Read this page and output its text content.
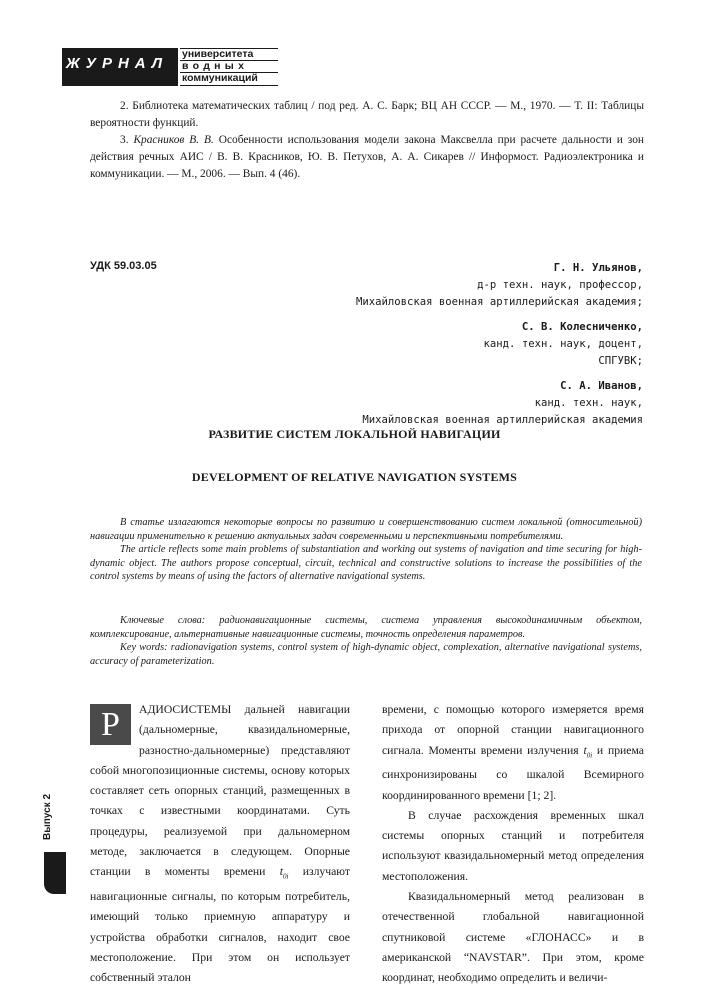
ЖУРНАЛ
университета
водных
коммуникаций

2. Библиотека математических таблиц / под ред. А. С. Барк; ВЦ АН СССР. — М., 1970. — Т. II: Таблицы вероятности функций.

3. Красников В. В. Особенности использования модели закона Максвелла при расчете дальности и зон действия речных АИС / В. В. Красников, Ю. В. Петухов, А. А. Сикарев // Информост. Радиоэлектроника и коммуникации. — М., 2006. — Вып. 4 (46).

УДК 59.03.05	Г. Н. Ульянов,
д-р техн. наук, профессор,
Михайловская военная артиллерийская академия;
С. В. Колесниченко,
канд. техн. наук, доцент,
СПГУВК;
С. А. Иванов,
канд. техн. наук,
Михайловская военная артиллерийская академия
РАЗВИТИЕ СИСТЕМ ЛОКАЛЬНОЙ НАВИГАЦИИ
DEVELOPMENT OF RELATIVE NAVIGATION SYSTEMS

В статье излагаются некоторые вопросы по развитию и совершенствованию систем локальной (относительной) навигации применительно к решению актуальных задач современными и перспективными потребителями.

The article reflects some main problems of substantiation and working out systems of navigation and time securing for high-dynamic object. The authors propose conceptual, circuit, technical and constructive solutions to increase the possibilities of the control systems by means of using the factors of alternative navigational systems.

Ключевые слова: радионавигационные системы, система управления высокодинамичным объектом, комплексирование, альтернативные навигационные системы, точность определения параметров.

Key words: radionavigation systems, control system of high-dynamic object, complexation, alternative navigational systems, accuracy of parameterization.

Р	АДИОСИСТЕМЫ дальней навигации (дальномерные, квазидальномерные, разностно-дальномерные) представляют собой многопозиционные системы, основу которых составляет сеть опорных станций, размещенных в точках с известными координатами. Суть процедуры, реализуемой при дальномерном методе, заключается в следующем. Опорные станции в моменты времени $t_{0i}$ излучают навигационные сигналы, по которым потребитель, имеющий только приемную аппаратуру и устройства обработки сигналов, находит свое местоположение. При этом он использует собственный эталон

времени, с помощью которого измеряется время прихода от опорной станции навигационного сигнала. Моменты времени излучения $t_{0i}$ и приема синхронизированы со шкалой Всемирного координированного времени [1; 2].

В случае расхождения временных шкал системы опорных станций и потребителя используют квазидальномерный метод определения местоположения.

Квазидальномерный метод реализован в отечественной глобальной навигационной спутниковой системе «ГЛОНАСС» и в американской “NAVSTAR”. При этом, кроме координат, необходимо определить и величи-

Выпуск 2
